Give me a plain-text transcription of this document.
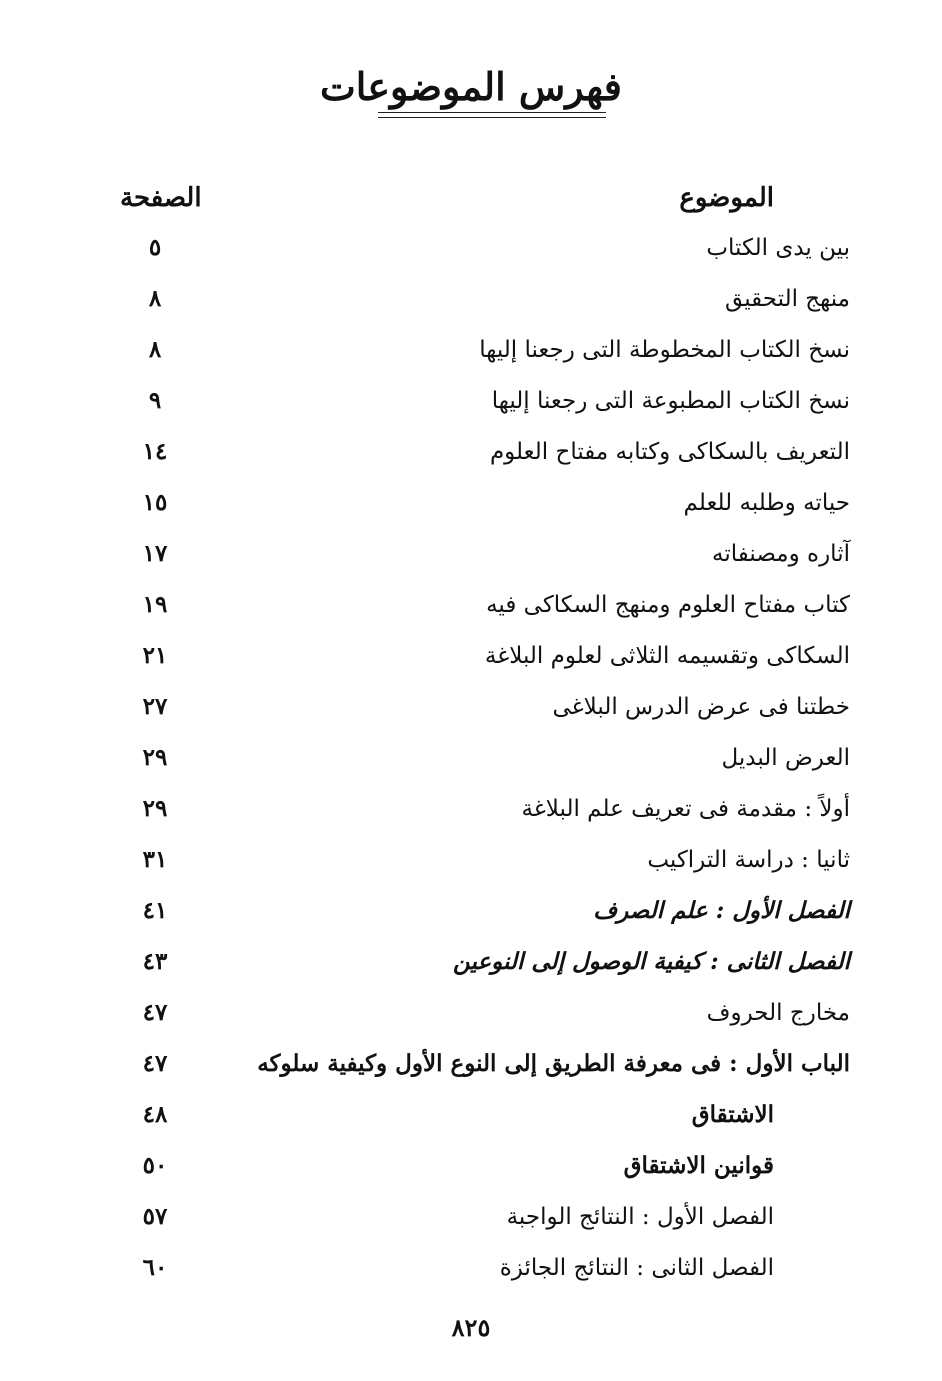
فهرس الموضوعات
الموضوع
الصفحة
بين يدى الكتاب
٥
منهج التحقيق
٨
نسخ الكتاب المخطوطة التى رجعنا إليها
٨
نسخ الكتاب المطبوعة التى رجعنا إليها
٩
التعريف بالسكاكى وكتابه مفتاح العلوم
١٤
حياته وطلبه للعلم
١٥
آثاره ومصنفاته
١٧
كتاب مفتاح العلوم ومنهج السكاكى فيه
١٩
السكاكى وتقسيمه الثلاثى لعلوم البلاغة
٢١
خطتنا فى عرض الدرس البلاغى
٢٧
العرض البديل
٢٩
أولاً : مقدمة فى تعريف علم البلاغة
٢٩
ثانيا : دراسة التراكيب
٣١
الفصل الأول : علم الصرف
٤١
الفصل الثانى : كيفية الوصول إلى النوعين
٤٣
مخارج الحروف
٤٧
الباب الأول : فى معرفة الطريق إلى النوع الأول وكيفية سلوكه
٤٧
الاشتقاق
٤٨
قوانين الاشتقاق
٥٠
الفصل الأول : النتائج الواجبة
٥٧
الفصل الثانى : النتائج الجائزة
٦٠
٨٢٥
